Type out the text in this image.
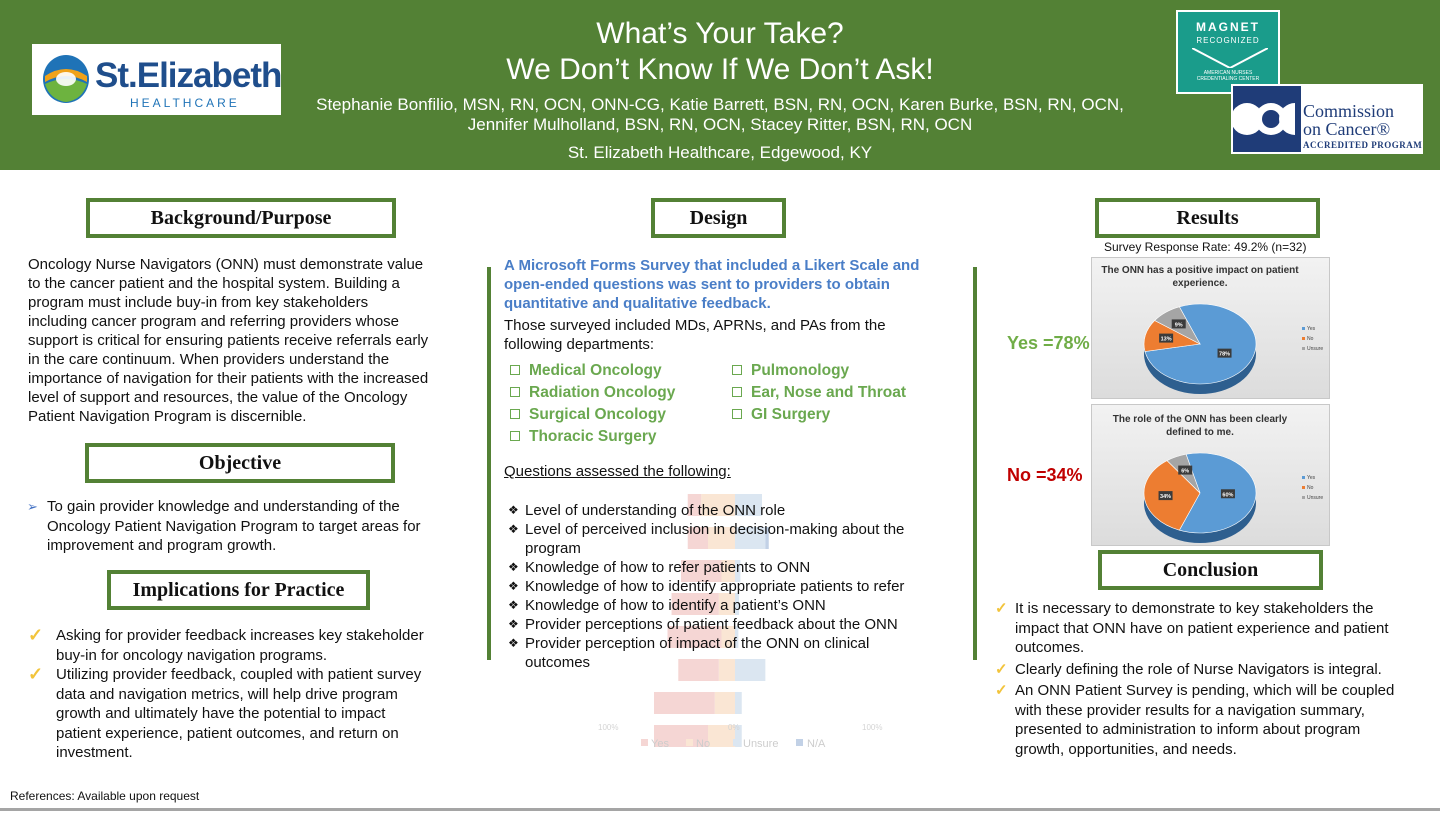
St.Elizabeth
HEALTHCARE
What’s Your Take?
We Don’t Know If We Don’t Ask!
Stephanie Bonfilio, MSN, RN, OCN, ONN-CG, Katie Barrett, BSN, RN, OCN, Karen Burke, BSN, RN, OCN,
Jennifer Mulholland, BSN, RN, OCN, Stacey Ritter, BSN, RN, OCN
St. Elizabeth Healthcare, Edgewood, KY
MAGNET
RECOGNIZED
AMERICAN NURSES
CREDENTIALING CENTER
Commission
on Cancer®
ACCREDITED PROGRAM
Background/Purpose
Oncology Nurse Navigators (ONN) must demonstrate value
to the cancer patient and the hospital system. Building a
program must include buy-in from key stakeholders
including cancer program and referring providers whose
support is critical for ensuring patients receive referrals early
in the care continuum. When providers understand the
importance of navigation for their patients with the increased
level of support and resources, the value of the Oncology
Patient Navigation Program is discernible.
Objective
➢ To gain provider knowledge and understanding of the
Oncology Patient Navigation Program to target areas for
improvement and program growth.
Implications for Practice
✓ Asking for provider feedback increases key stakeholder
buy-in for oncology navigation programs.
✓ Utilizing provider feedback, coupled with patient survey
data and navigation metrics, will help drive program
growth and ultimately have the potential to impact
patient experience, patient outcomes, and return on
investment.
100%	0%	100%
Yes No	Unsure	N/A
Design
A Microsoft Forms Survey that included a Likert Scale and
open-ended questions was sent to providers to obtain
quantitative and qualitative feedback.
Those surveyed included MDs, APRNs, and PAs from the
following departments:
Medical Oncology
Radiation Oncology
Surgical Oncology
Thoracic Surgery
Pulmonology
Ear, Nose and Throat
GI Surgery
Questions assessed the following:
❖ Level of understanding of the ONN role
❖ Level of perceived inclusion in decision-making about the
program
❖ Knowledge of how to refer patients to ONN
❖ Knowledge of how to identify appropriate patients to refer
❖ Knowledge of how to identify a patient’s ONN
❖ Provider perceptions of patient feedback about the ONN
❖ Provider perception of impact of the ONN on clinical
outcomes
Results
Survey Response Rate: 49.2% (n=32)
The ONN has a positive impact on patient experience.
78%
13%
9%
Yes
No
Unsure
Yes =78%
The role of the ONN has been clearly defined to me.
60%
34%
6%
Yes
No
Unsure
No =34%
Conclusion
✓ It is necessary to demonstrate to key stakeholders the
impact that ONN have on patient experience and patient
outcomes.
✓ Clearly defining the role of Nurse Navigators is integral.
✓ An ONN Patient Survey is pending, which will be coupled
with these provider results for a navigation summary,
presented to administration to inform about program
growth, opportunities, and needs.
References: Available upon request
